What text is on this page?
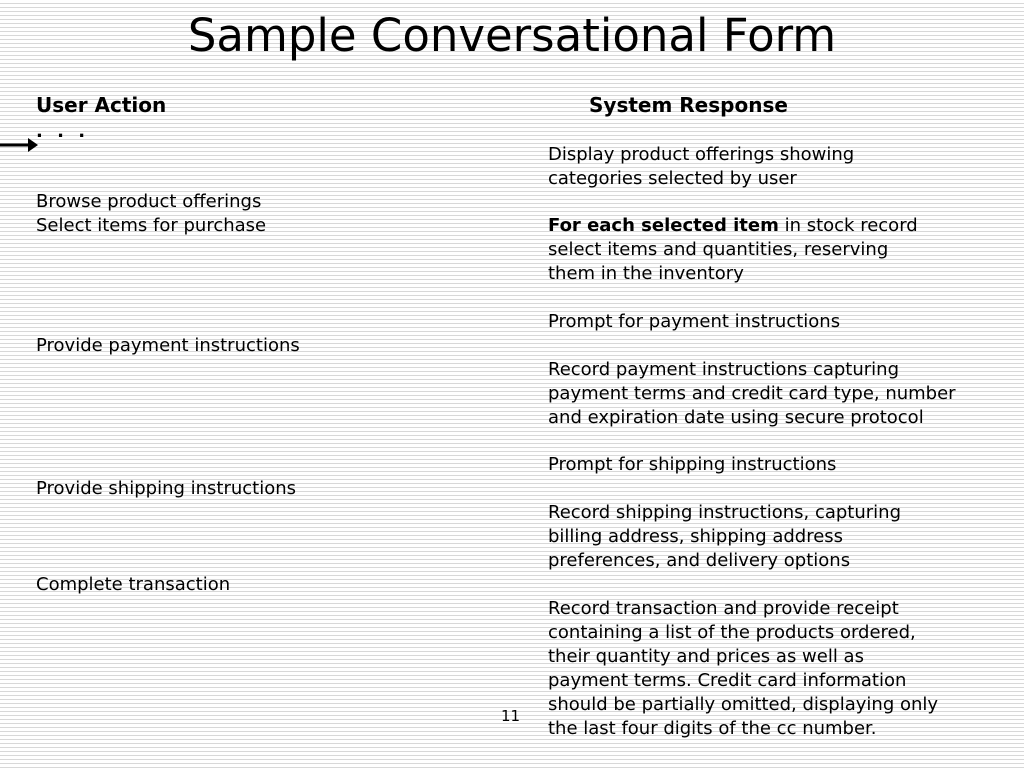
Sample Conversational Form
User Action	System Response
. . .
Browse product offerings
Select items for purchase
Provide payment instructions
Provide shipping instructions
Complete transaction
Display product offerings showing
categories selected by user
For each selected item in stock record
select items and quantities, reserving
them in the inventory
Prompt for payment instructions
Record payment instructions capturing
payment terms and credit card type, number
and expiration date using secure protocol
Prompt for shipping instructions
Record shipping instructions, capturing
billing address, shipping address
preferences, and delivery options
Record transaction and provide receipt
containing a list of the products ordered,
their quantity and prices as well as
payment terms. Credit card information
should be partially omitted, displaying only
the last four digits of the cc number.
11
